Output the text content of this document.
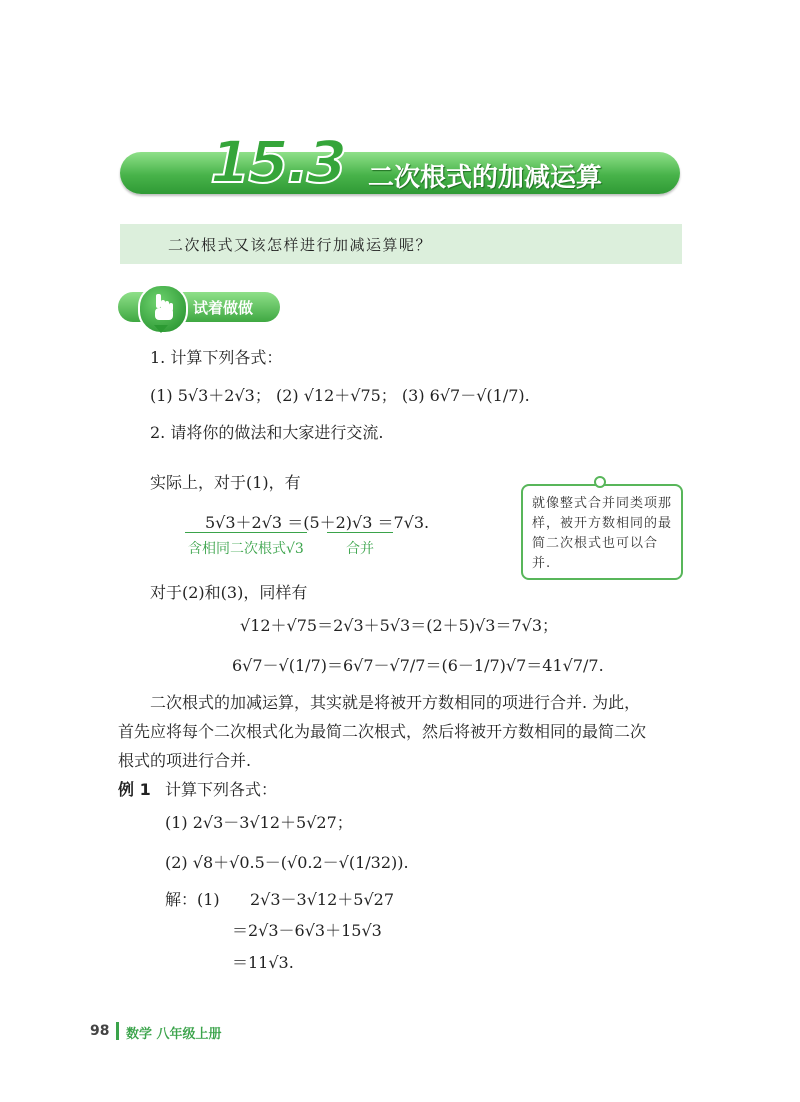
15.3 二次根式的加减运算
二次根式又该怎样进行加减运算呢？
试着做做
1. 计算下列各式：
(1) 5√3＋2√3； (2) √12＋√75； (3) 6√7－√(1/7).
2. 请将你的做法和大家进行交流.
实际上，对于(1)，有
5√3＋2√3 ＝(5＋2)√3 ＝7√3.
含相同二次根式√3	合并
就像整式合并同类项那样，被开方数相同的最简二次根式也可以合并.
对于(2)和(3)，同样有
√12＋√75＝2√3＋5√3＝(2＋5)√3＝7√3；
6√7－√(1/7)＝6√7－√7/7＝(6－1/7)√7＝41√7/7.
二次根式的加减运算，其实就是将被开方数相同的项进行合并. 为此，
首先应将每个二次根式化为最简二次根式，然后将被开方数相同的最简二次
根式的项进行合并.
例 1 计算下列各式：
(1) 2√3－3√12＋5√27；
(2) √8＋√0.5－(√0.2－√(1/32)).
解：(1) 2√3－3√12＋5√27
＝2√3－6√3＋15√3
＝11√3.
98 数学 八年级上册
